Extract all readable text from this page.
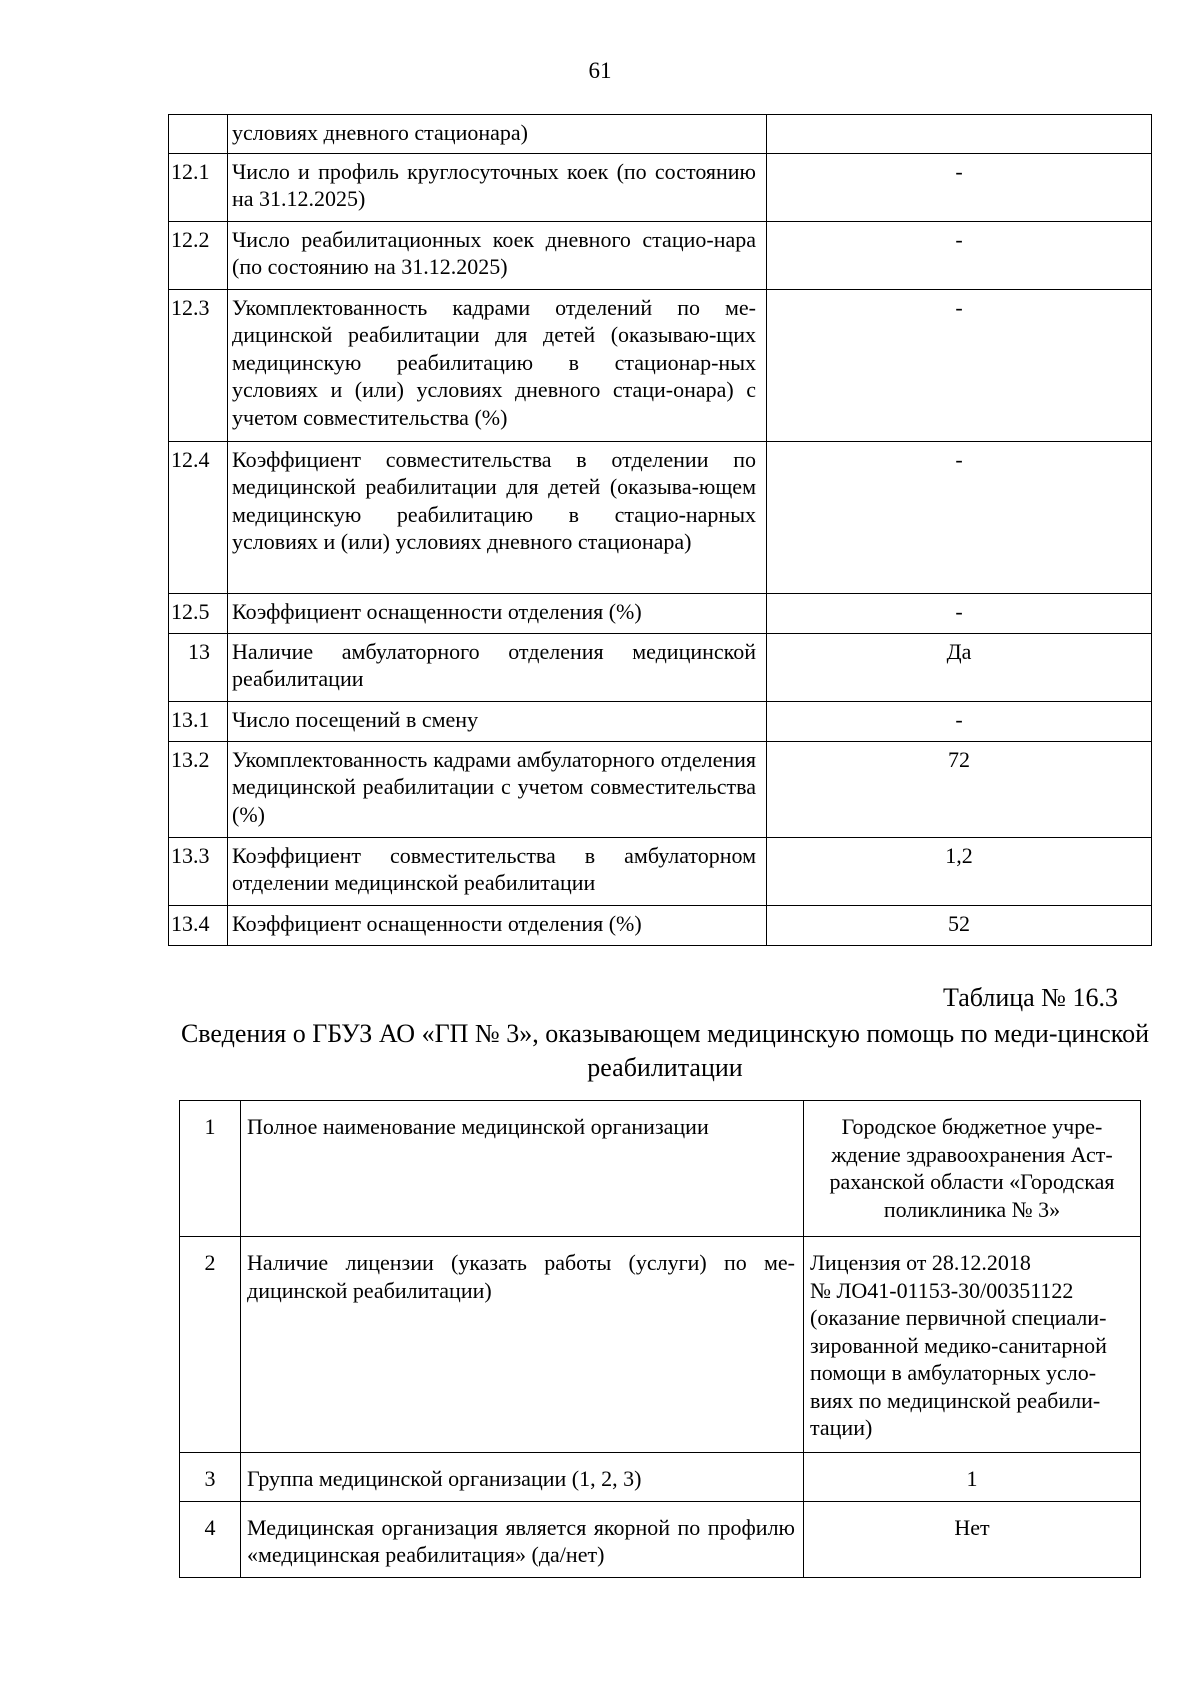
61
	условиях дневного стационара)	
12.1	Число и профиль круглосуточных коек (по состоянию на 31.12.2025)	-
12.2	Число реабилитационных коек дневного стацио-нара (по состоянию на 31.12.2025)	-
12.3	Укомплектованность кадрами отделений по ме-дицинской реабилитации для детей (оказываю-щих медицинскую реабилитацию в стационар-ных условиях и (или) условиях дневного стаци-онара) с учетом совместительства (%)	-
12.4	Коэффициент совместительства в отделении по медицинской реабилитации для детей (оказыва-ющем медицинскую реабилитацию в стацио-нарных условиях и (или) условиях дневного стационара)	-
12.5	Коэффициент оснащенности отделения (%)	-
13	Наличие амбулаторного отделения медицинской реабилитации	Да
13.1	Число посещений в смену	-
13.2	Укомплектованность кадрами амбулаторного отделения медицинской реабилитации с учетом совместительства (%)	72
13.3	Коэффициент совместительства в амбулаторном отделении медицинской реабилитации	1,2
13.4	Коэффициент оснащенности отделения (%)	52
Таблица № 16.3
Сведения о ГБУЗ АО «ГП № 3», оказывающем медицинскую помощь по меди-цинской реабилитации
1	Полное наименование медицинской организации	Городское бюджетное учре-ждение здравоохранения Аст-раханской области «Городская поликлиника № 3»
2	Наличие лицензии (указать работы (услуги) по ме-дицинской реабилитации)	Лицензия от 28.12.2018
№ ЛО41-01153-30/00351122 (оказание первичной специали-зированной медико-санитарной помощи в амбулаторных усло-виях по медицинской реабили-тации)
3	Группа медицинской организации (1, 2, 3)	1
4	Медицинская организация является якорной по профилю «медицинская реабилитация» (да/нет)	Нет
